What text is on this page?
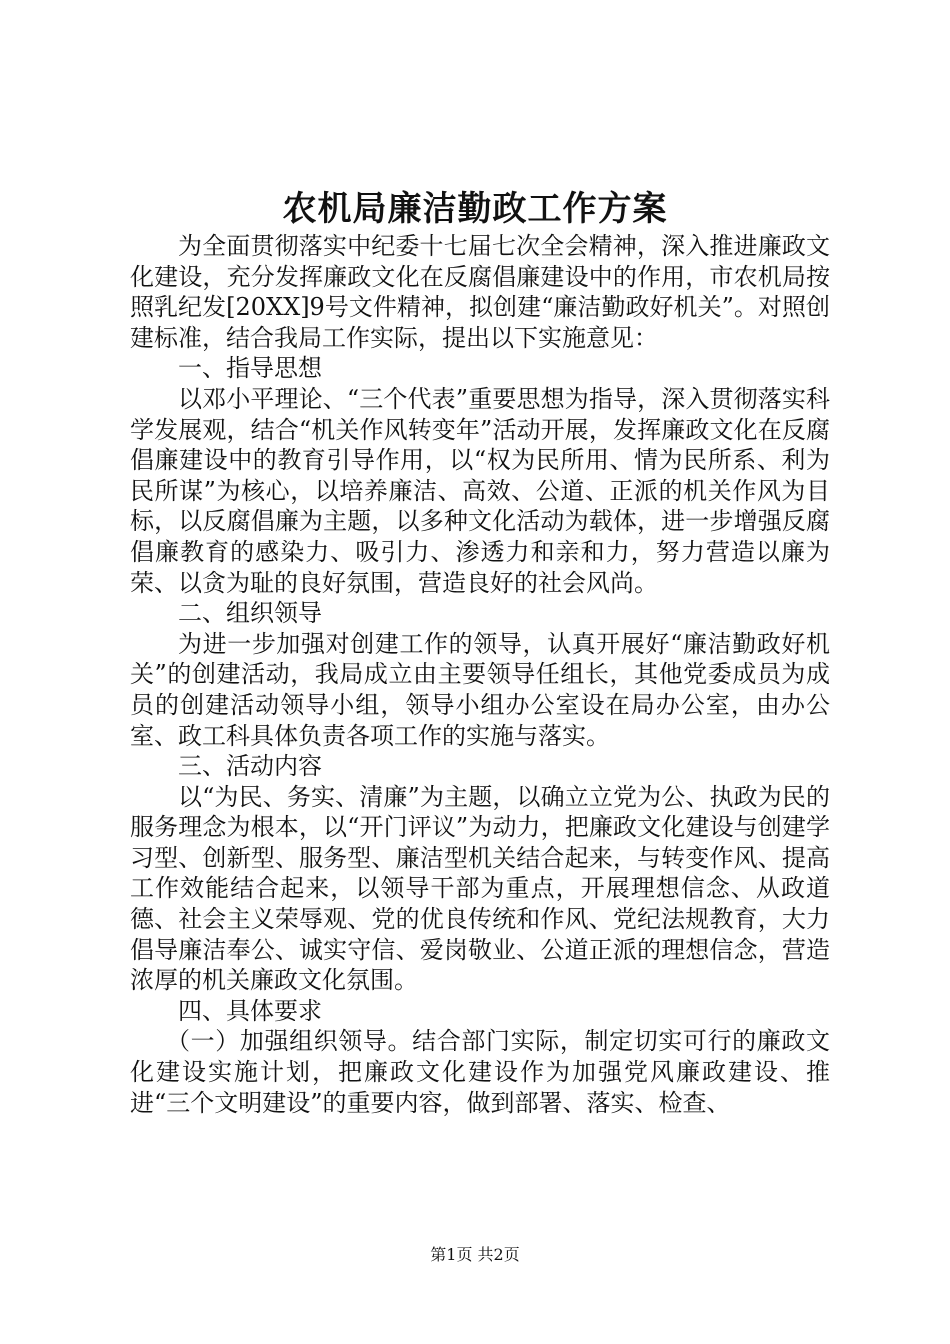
农机局廉洁勤政工作方案

为全面贯彻落实中纪委十七届七次全会精神，深入推进廉政文化建设，充分发挥廉政文化在反腐倡廉建设中的作用，市农机局按照乳纪发[20XX]9号文件精神，拟创建“廉洁勤政好机关”。对照创建标准，结合我局工作实际，提出以下实施意见：

一、指导思想

以邓小平理论、“三个代表”重要思想为指导，深入贯彻落实科学发展观，结合“机关作风转变年”活动开展，发挥廉政文化在反腐倡廉建设中的教育引导作用，以“权为民所用、情为民所系、利为民所谋”为核心，以培养廉洁、高效、公道、正派的机关作风为目标，以反腐倡廉为主题，以多种文化活动为载体，进一步增强反腐倡廉教育的感染力、吸引力、渗透力和亲和力，努力营造以廉为荣、以贪为耻的良好氛围，营造良好的社会风尚。

二、组织领导

为进一步加强对创建工作的领导，认真开展好“廉洁勤政好机关”的创建活动，我局成立由主要领导任组长，其他党委成员为成员的创建活动领导小组，领导小组办公室设在局办公室，由办公室、政工科具体负责各项工作的实施与落实。

三、活动内容

以“为民、务实、清廉”为主题，以确立立党为公、执政为民的服务理念为根本，以“开门评议”为动力，把廉政文化建设与创建学习型、创新型、服务型、廉洁型机关结合起来，与转变作风、提高工作效能结合起来，以领导干部为重点，开展理想信念、从政道德、社会主义荣辱观、党的优良传统和作风、党纪法规教育，大力倡导廉洁奉公、诚实守信、爱岗敬业、公道正派的理想信念，营造浓厚的机关廉政文化氛围。

四、具体要求

（一）加强组织领导。结合部门实际，制定切实可行的廉政文化建设实施计划，把廉政文化建设作为加强党风廉政建设、推进“三个文明建设”的重要内容，做到部署、落实、检查、

第1页 共2页
